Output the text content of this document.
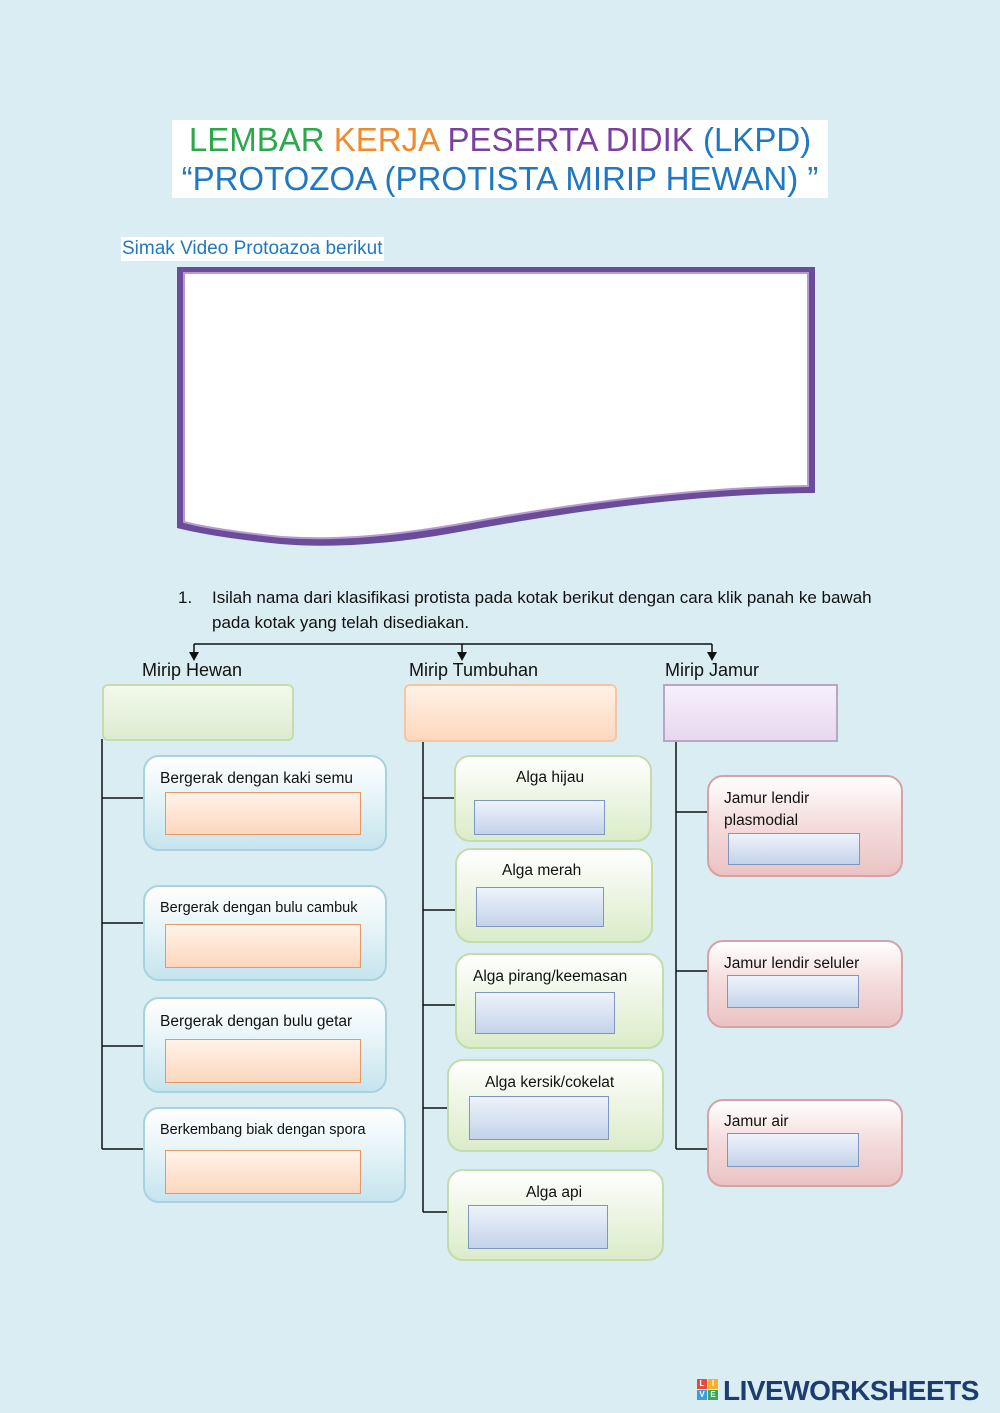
LEMBAR KERJA PESERTA DIDIK (LKPD)
“PROTOZOA (PROTISTA MIRIP HEWAN) ”
Simak Video Protoazoa berikut
1. Isilah nama dari klasifikasi protista pada kotak berikut dengan cara klik panah ke bawah pada kotak yang telah disediakan.
Mirip Hewan	Mirip Tumbuhan	Mirip Jamur
Bergerak dengan kaki semu
Bergerak dengan bulu cambuk
Bergerak dengan bulu getar
Berkembang biak dengan spora
Alga hijau
Alga merah
Alga pirang/keemasan
Alga kersik/cokelat
Alga api
Jamur lendir plasmodial
Jamur lendir seluler
Jamur air
L I
V E LIVEWORKSHEETS
